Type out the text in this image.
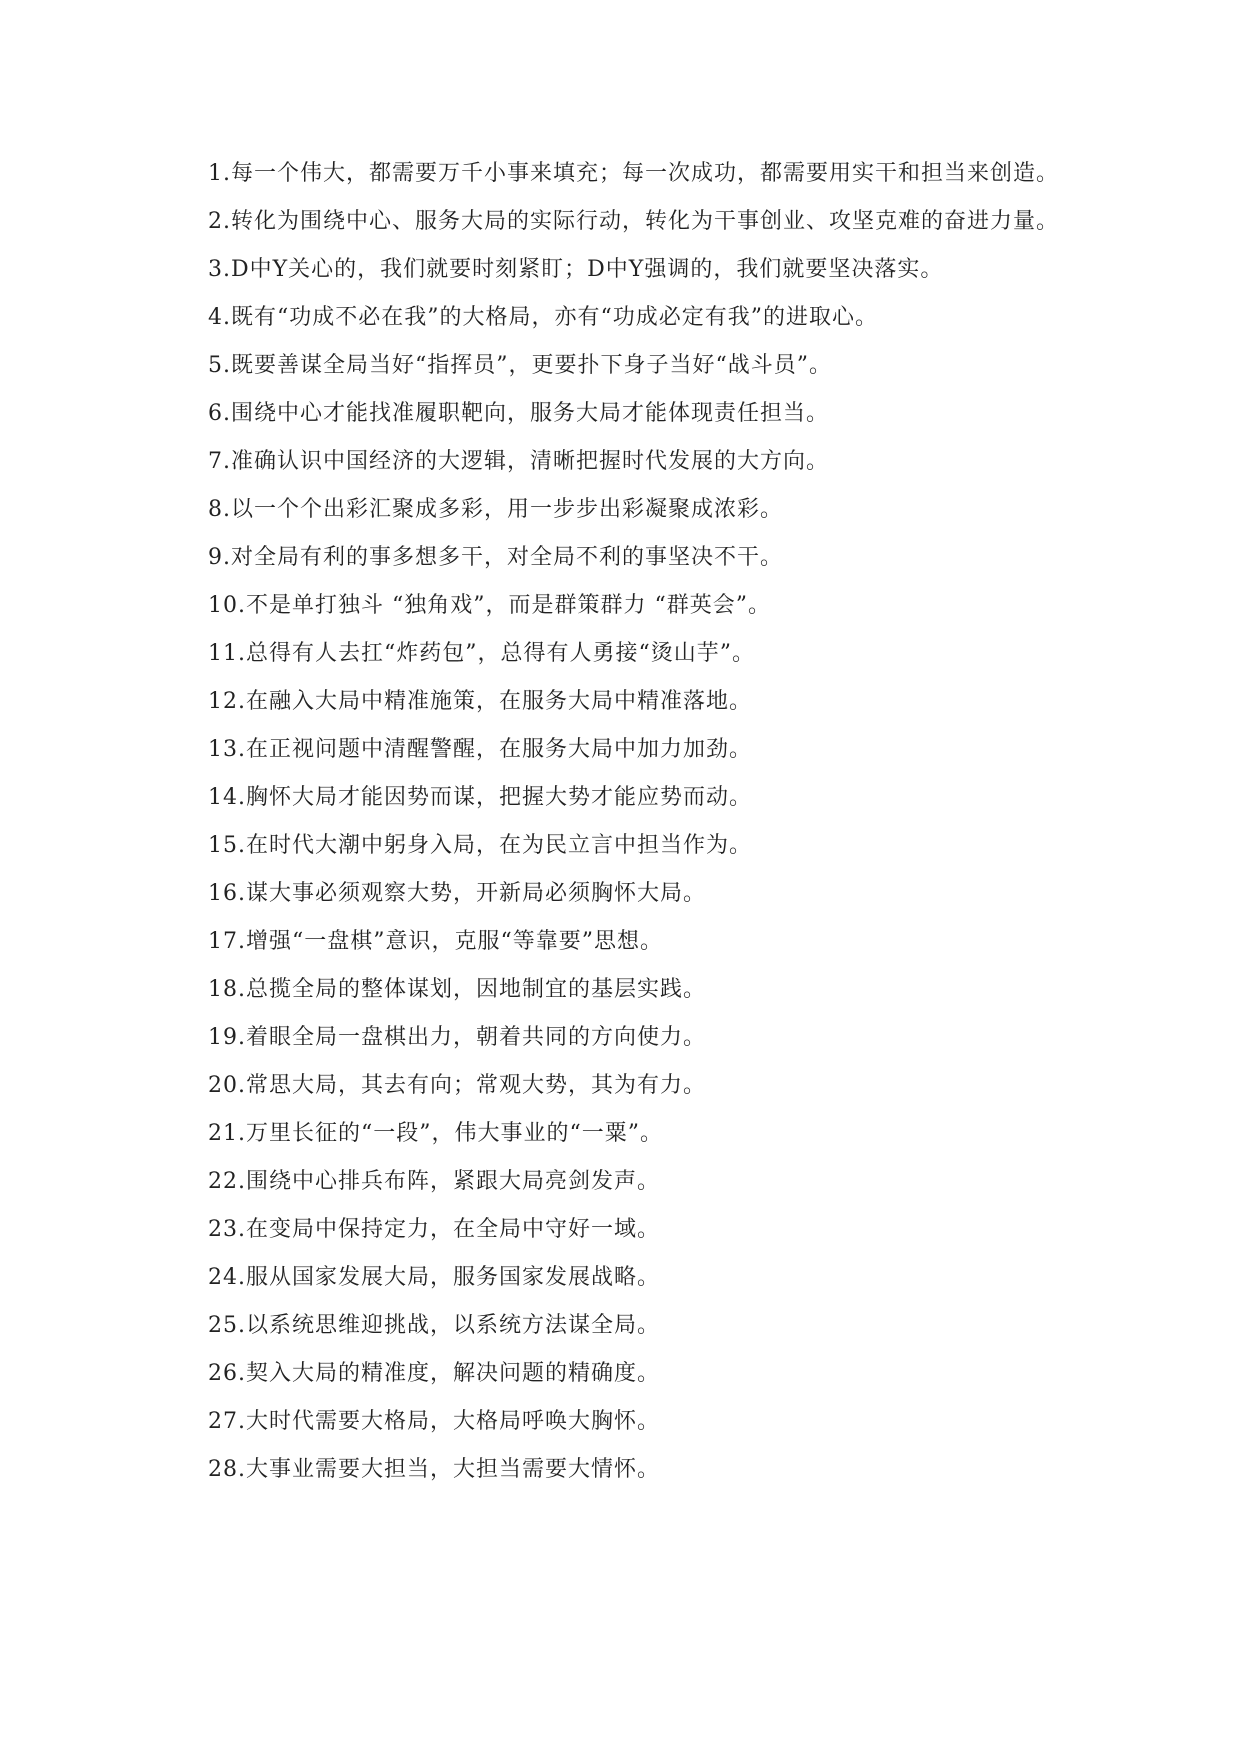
1.每一个伟大，都需要万千小事来填充；每一次成功，都需要用实干和担当来创造。

2.转化为围绕中心、服务大局的实际行动，转化为干事创业、攻坚克难的奋进力量。

3.D中Y关心的，我们就要时刻紧盯；D中Y强调的，我们就要坚决落实。

4.既有“功成不必在我”的大格局，亦有“功成必定有我”的进取心。

5.既要善谋全局当好“指挥员”，更要扑下身子当好“战斗员”。

6.围绕中心才能找准履职靶向，服务大局才能体现责任担当。

7.准确认识中国经济的大逻辑，清晰把握时代发展的大方向。

8.以一个个出彩汇聚成多彩，用一步步出彩凝聚成浓彩。

9.对全局有利的事多想多干，对全局不利的事坚决不干。

10.不是单打独斗 “独角戏”，而是群策群力 “群英会”。

11.总得有人去扛“炸药包”，总得有人勇接“烫山芋”。

12.在融入大局中精准施策，在服务大局中精准落地。

13.在正视问题中清醒警醒，在服务大局中加力加劲。

14.胸怀大局才能因势而谋，把握大势才能应势而动。

15.在时代大潮中躬身入局，在为民立言中担当作为。

16.谋大事必须观察大势，开新局必须胸怀大局。

17.增强“一盘棋”意识，克服“等靠要”思想。

18.总揽全局的整体谋划，因地制宜的基层实践。

19.着眼全局一盘棋出力，朝着共同的方向使力。

20.常思大局，其去有向；常观大势，其为有力。

21.万里长征的“一段”，伟大事业的“一粟”。

22.围绕中心排兵布阵，紧跟大局亮剑发声。

23.在变局中保持定力，在全局中守好一域。

24.服从国家发展大局，服务国家发展战略。

25.以系统思维迎挑战，以系统方法谋全局。

26.契入大局的精准度，解决问题的精确度。

27.大时代需要大格局，大格局呼唤大胸怀。

28.大事业需要大担当，大担当需要大情怀。
